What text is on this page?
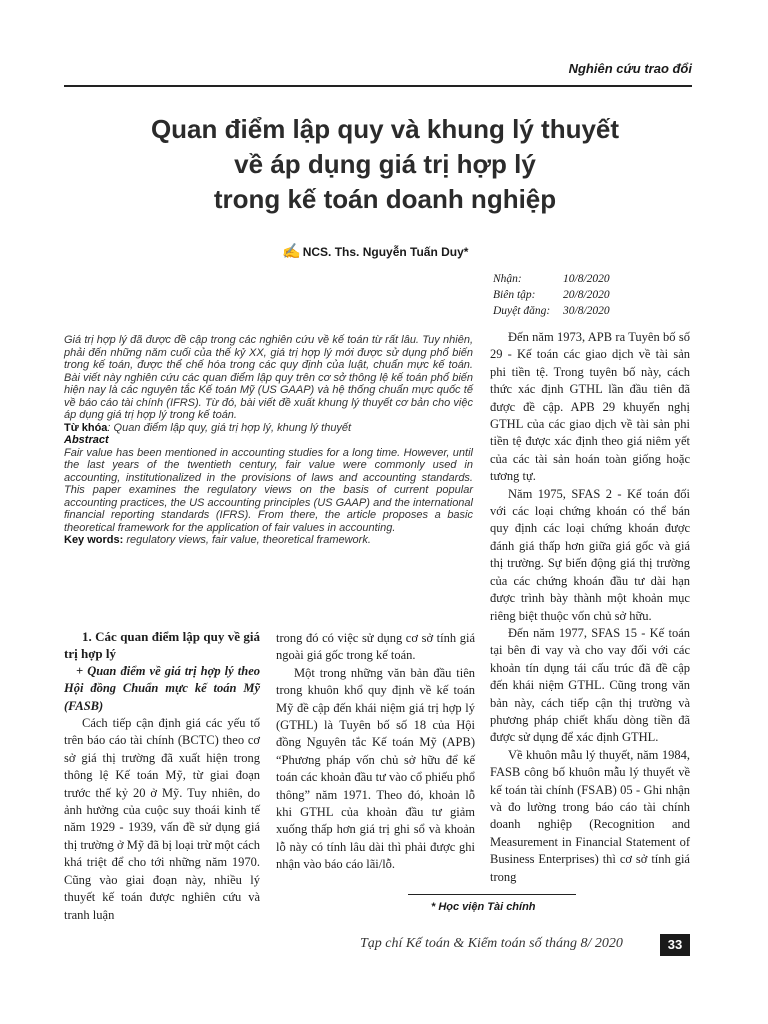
Nghiên cứu trao đổi
Quan điểm lập quy và khung lý thuyết
về áp dụng giá trị hợp lý
trong kế toán doanh nghiệp
✍ NCS. Ths. Nguyễn Tuấn Duy*
Nhận:	10/8/2020
Biên tập:	20/8/2020
Duyệt đăng:	30/8/2020

Giá trị hợp lý đã được đề cập trong các nghiên cứu về kế toán từ rất lâu. Tuy nhiên, phải đến những năm cuối của thế kỷ XX, giá trị hợp lý mới được sử dụng phổ biến trong kế toán, được thể chế hóa trong các quy định của luật, chuẩn mực kế toán. Bài viết này nghiên cứu các quan điểm lập quy trên cơ sở thông lệ kế toán phổ biến hiện nay là các nguyên tắc Kế toán Mỹ (US GAAP) và hệ thống chuẩn mực quốc tế về báo cáo tài chính (IFRS). Từ đó, bài viết đề xuất khung lý thuyết cơ bản cho việc áp dụng giá trị hợp lý trong kế toán.

Từ khóa: Quan điểm lập quy, giá trị hợp lý, khung lý thuyết

Abstract

Fair value has been mentioned in accounting studies for a long time. However, until the last years of the twentieth century, fair value were commonly used in accounting, institutionalized in the provisions of laws and accounting standards. This paper examines the regulatory views on the basis of current popular accounting practices, the US accounting principles (US GAAP) and the international financial reporting standards (IFRS). From there, the article proposes a basic theoretical framework for the application of fair values in accounting.

Key words: regulatory views, fair value, theoretical framework.

1. Các quan điểm lập quy về giá trị hợp lý

+ Quan điểm về giá trị hợp lý theo Hội đồng Chuẩn mực kế toán Mỹ (FASB)

Cách tiếp cận định giá các yếu tố trên báo cáo tài chính (BCTC) theo cơ sở giá thị trường đã xuất hiện trong thông lệ Kế toán Mỹ, từ giai đoạn trước thế kỷ 20 ở Mỹ. Tuy nhiên, do ảnh hưởng của cuộc suy thoái kinh tế năm 1929 - 1939, vấn đề sử dụng giá thị trường ở Mỹ đã bị loại trừ một cách khá triệt để cho tới những năm 1970. Cũng vào giai đoạn này, nhiều lý thuyết kế toán được nghiên cứu và tranh luận

trong đó có việc sử dụng cơ sở tính giá ngoài giá gốc trong kế toán.

Một trong những văn bản đầu tiên trong khuôn khổ quy định về kế toán Mỹ đề cập đến khái niệm giá trị hợp lý (GTHL) là Tuyên bố số 18 của Hội đồng Nguyên tắc Kế toán Mỹ (APB) “Phương pháp vốn chủ sở hữu để kế toán các khoản đầu tư vào cổ phiếu phổ thông” năm 1971. Theo đó, khoản lỗ khi GTHL của khoản đầu tư giảm xuống thấp hơn giá trị ghi sổ và khoản lỗ này có tính lâu dài thì phải được ghi nhận vào báo cáo lãi/lỗ.

Đến năm 1973, APB ra Tuyên bố số 29 - Kế toán các giao dịch về tài sản phi tiền tệ. Trong tuyên bố này, cách thức xác định GTHL lần đầu tiên đã được đề cập. APB 29 khuyến nghị GTHL của các giao dịch về tài sản phi tiền tệ được xác định theo giá niêm yết của các tài sản hoán toàn giống hoặc tương tự.

Năm 1975, SFAS 2 - Kế toán đối với các loại chứng khoán có thể bán quy định các loại chứng khoán được đánh giá thấp hơn giữa giá gốc và giá thị trường. Sự biến động giá thị trường của các chứng khoán đầu tư dài hạn được trình bày thành một khoản mục riêng biệt thuộc vốn chủ sở hữu.

Đến năm 1977, SFAS 15 - Kế toán tại bên đi vay và cho vay đối với các khoản tín dụng tái cấu trúc đã đề cập đến khái niệm GTHL. Cũng trong văn bản này, cách tiếp cận thị trường và phương pháp chiết khấu dòng tiền đã được sử dụng để xác định GTHL.

Về khuôn mẫu lý thuyết, năm 1984, FASB công bố khuôn mẫu lý thuyết về kế toán tài chính (FSAB) 05 - Ghi nhận và đo lường trong báo cáo tài chính doanh nghiệp (Recognition and Measurement in Financial Statement of Business Enterprises) thì cơ sở tính giá trong

* Học viện Tài chính
Tạp chí Kế toán & Kiểm toán số tháng 8/ 2020	33
